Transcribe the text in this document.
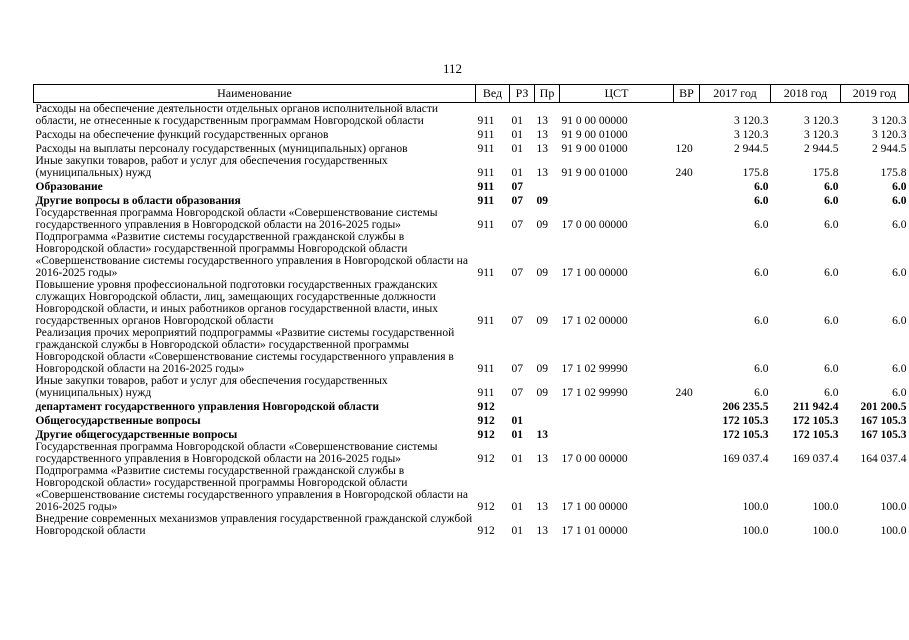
112
Наименование	Вед	РЗ	Пр	ЦСТ	ВР	2017 год	2018 год	2019 год
Расходы на обеспечение деятельности отдельных органов исполнительной власти области, не отнесенные к государственным программам Новгородской области	911	01	13	91 0 00 00000		3 120.3	3 120.3	3 120.3
Расходы на обеспечение функций государственных органов	911	01	13	91 9 00 01000		3 120.3	3 120.3	3 120.3
Расходы на выплаты персоналу государственных (муниципальных) органов	911	01	13	91 9 00 01000	120	2 944.5	2 944.5	2 944.5
Иные закупки товаров, работ и услуг для обеспечения государственных (муниципальных) нужд	911	01	13	91 9 00 01000	240	175.8	175.8	175.8
Образование	911	07				6.0	6.0	6.0
Другие вопросы в области образования	911	07	09			6.0	6.0	6.0
Государственная программа Новгородской области «Совершенствование системы государственного управления в Новгородской области на 2016-2025 годы»	911	07	09	17 0 00 00000		6.0	6.0	6.0
Подпрограмма «Развитие системы государственной гражданской службы в Новгородской области» государственной программы Новгородской области «Совершенствование системы государственного управления в Новгородской области на 2016-2025 годы»	911	07	09	17 1 00 00000		6.0	6.0	6.0
Повышение уровня профессиональной подготовки государственных гражданских служащих Новгородской области, лиц, замещающих государственные должности Новгородской области, и иных работников органов государственной власти, иных государственных органов Новгородской области	911	07	09	17 1 02 00000		6.0	6.0	6.0
Реализация прочих мероприятий подпрограммы «Развитие системы государственной гражданской службы в Новгородской области» государственной программы Новгородской области «Совершенствование системы государственного управления в Новгородской области на 2016-2025 годы»	911	07	09	17 1 02 99990		6.0	6.0	6.0
Иные закупки товаров, работ и услуг для обеспечения государственных (муниципальных) нужд	911	07	09	17 1 02 99990	240	6.0	6.0	6.0
департамент государственного управления Новгородской области	912					206 235.5	211 942.4	201 200.5
Общегосударственные вопросы	912	01				172 105.3	172 105.3	167 105.3
Другие общегосударственные вопросы	912	01	13			172 105.3	172 105.3	167 105.3
Государственная программа Новгородской области «Совершенствование системы государственного управления в Новгородской области на 2016-2025 годы»	912	01	13	17 0 00 00000		169 037.4	169 037.4	164 037.4
Подпрограмма «Развитие системы государственной гражданской службы в Новгородской области» государственной программы Новгородской области «Совершенствование системы государственного управления в Новгородской области на 2016-2025 годы»	912	01	13	17 1 00 00000		100.0	100.0	100.0
Внедрение современных механизмов управления государственной гражданской службой Новгородской области	912	01	13	17 1 01 00000		100.0	100.0	100.0
